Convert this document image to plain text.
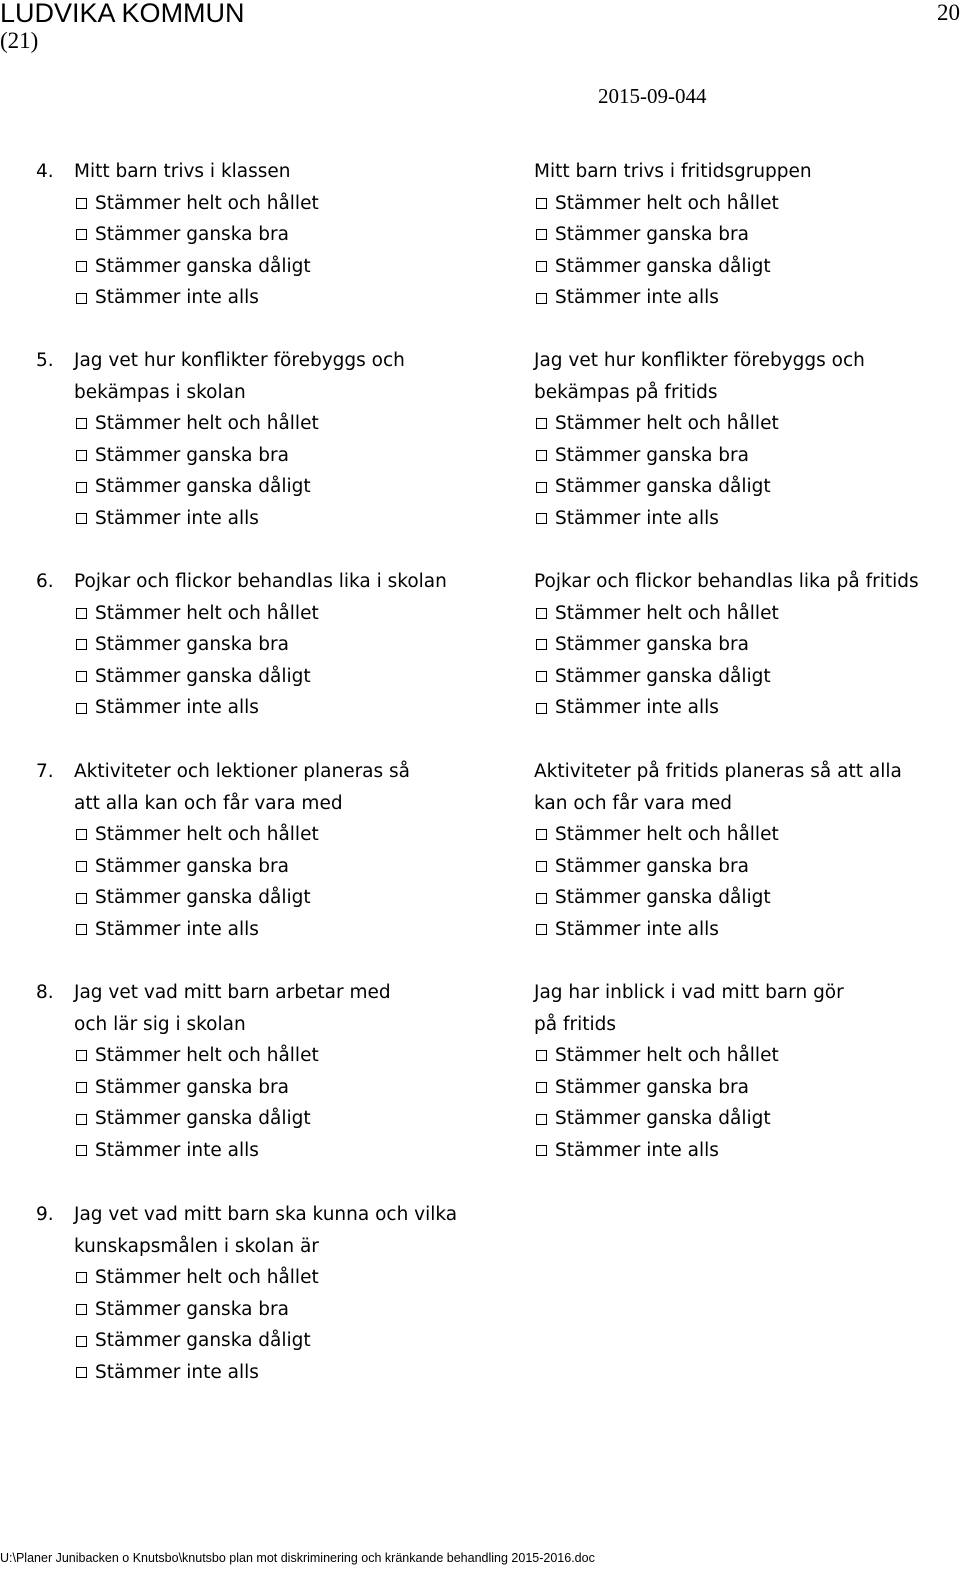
LUDVIKA KOMMUN
(21)
20
2015-09-044
4. Mitt barn trivs i klassen
Stämmer helt och hållet
Stämmer ganska bra
Stämmer ganska dåligt
Stämmer inte alls
Mitt barn trivs i fritidsgruppen
Stämmer helt och hållet
Stämmer ganska bra
Stämmer ganska dåligt
Stämmer inte alls
5. Jag vet hur konflikter förebyggs och
bekämpas i skolan
Stämmer helt och hållet
Stämmer ganska bra
Stämmer ganska dåligt
Stämmer inte alls
Jag vet hur konflikter förebyggs och
bekämpas på fritids
Stämmer helt och hållet
Stämmer ganska bra
Stämmer ganska dåligt
Stämmer inte alls
6. Pojkar och flickor behandlas lika i skolan
Stämmer helt och hållet
Stämmer ganska bra
Stämmer ganska dåligt
Stämmer inte alls
Pojkar och flickor behandlas lika på fritids
Stämmer helt och hållet
Stämmer ganska bra
Stämmer ganska dåligt
Stämmer inte alls
7. Aktiviteter och lektioner planeras så
att alla kan och får vara med
Stämmer helt och hållet
Stämmer ganska bra
Stämmer ganska dåligt
Stämmer inte alls
Aktiviteter på fritids planeras så att alla
kan och får vara med
Stämmer helt och hållet
Stämmer ganska bra
Stämmer ganska dåligt
Stämmer inte alls
8. Jag vet vad mitt barn arbetar med
och lär sig i skolan
Stämmer helt och hållet
Stämmer ganska bra
Stämmer ganska dåligt
Stämmer inte alls
Jag har inblick i vad mitt barn gör
på fritids
Stämmer helt och hållet
Stämmer ganska bra
Stämmer ganska dåligt
Stämmer inte alls
9. Jag vet vad mitt barn ska kunna och vilka
kunskapsmålen i skolan är
Stämmer helt och hållet
Stämmer ganska bra
Stämmer ganska dåligt
Stämmer inte alls
U:\Planer Junibacken o Knutsbo\knutsbo plan mot diskriminering och kränkande behandling 2015-2016.doc
